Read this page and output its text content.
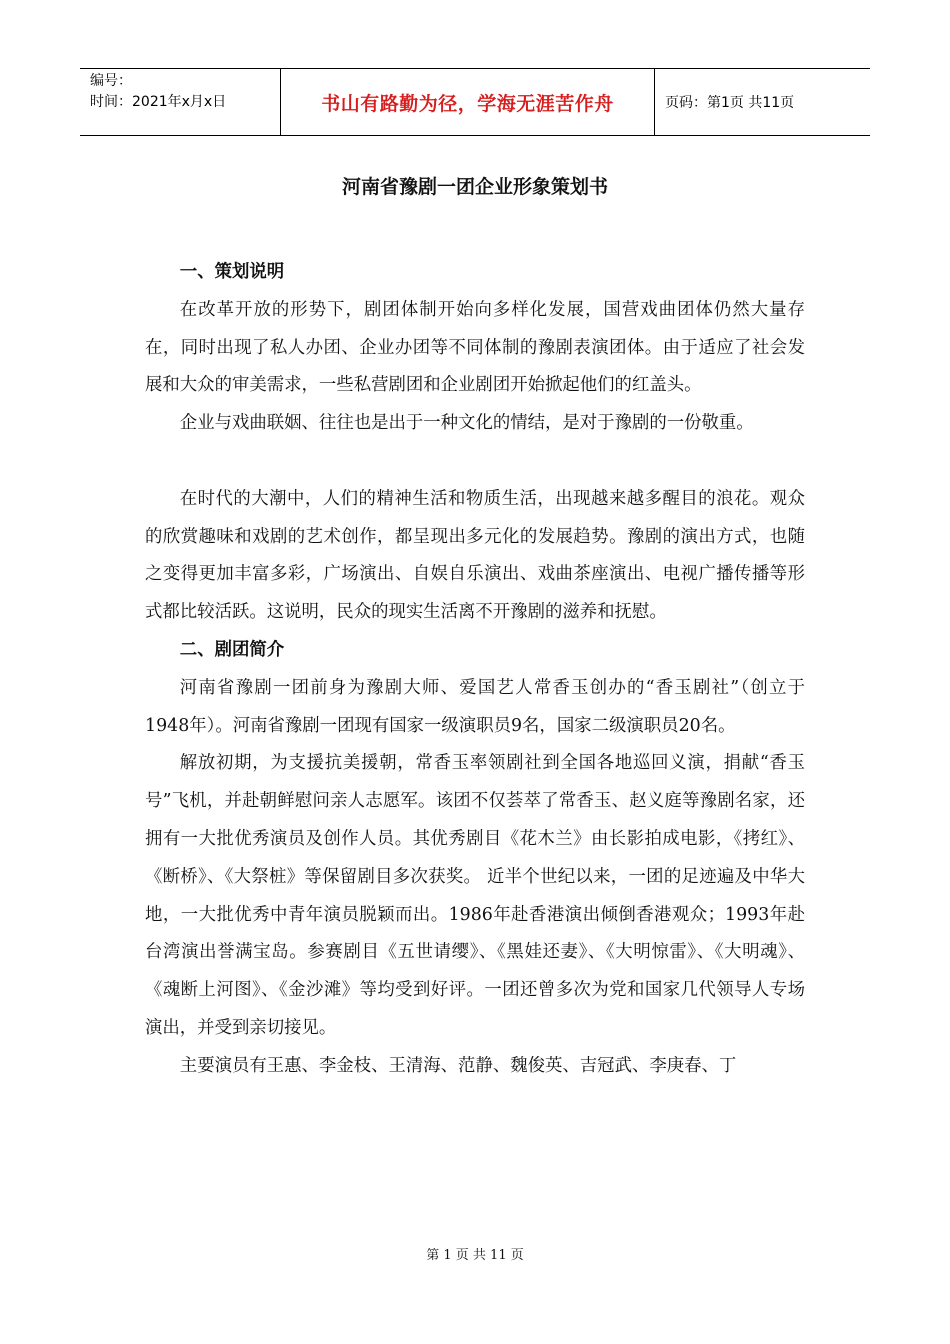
编号：
时间：2021年x月x日	书山有路勤为径，学海无涯苦作舟	页码：第1页 共11页
河南省豫剧一团企业形象策划书
一、策划说明

在改革开放的形势下，剧团体制开始向多样化发展，国营戏曲团体仍然大量存在，同时出现了私人办团、企业办团等不同体制的豫剧表演团体。由于适应了社会发展和大众的审美需求，一些私营剧团和企业剧团开始掀起他们的红盖头。

企业与戏曲联姻、往往也是出于一种文化的情结，是对于豫剧的一份敬重。

在时代的大潮中，人们的精神生活和物质生活，出现越来越多醒目的浪花。观众的欣赏趣味和戏剧的艺术创作，都呈现出多元化的发展趋势。豫剧的演出方式，也随之变得更加丰富多彩，广场演出、自娱自乐演出、戏曲茶座演出、电视广播传播等形式都比较活跃。这说明，民众的现实生活离不开豫剧的滋养和抚慰。

二、剧团简介

河南省豫剧一团前身为豫剧大师、爱国艺人常香玉创办的“香玉剧社”（创立于1948年）。河南省豫剧一团现有国家一级演职员9名，国家二级演职员20名。

解放初期，为支援抗美援朝，常香玉率领剧社到全国各地巡回义演，捐献“香玉号”飞机，并赴朝鲜慰问亲人志愿军。该团不仅荟萃了常香玉、赵义庭等豫剧名家，还拥有一大批优秀演员及创作人员。其优秀剧目《花木兰》由长影拍成电影，《拷红》、《断桥》、《大祭桩》等保留剧目多次获奖。 近半个世纪以来，一团的足迹遍及中华大地，一大批优秀中青年演员脱颖而出。1986年赴香港演出倾倒香港观众；1993年赴台湾演出誉满宝岛。参赛剧目《五世请缨》、《黑娃还妻》、《大明惊雷》、《大明魂》、《魂断上河图》、《金沙滩》等均受到好评。一团还曾多次为党和国家几代领导人专场演出，并受到亲切接见。

主要演员有王惠、李金枝、王清海、范静、魏俊英、吉冠武、李庚春、丁

第 1 页 共 11 页
